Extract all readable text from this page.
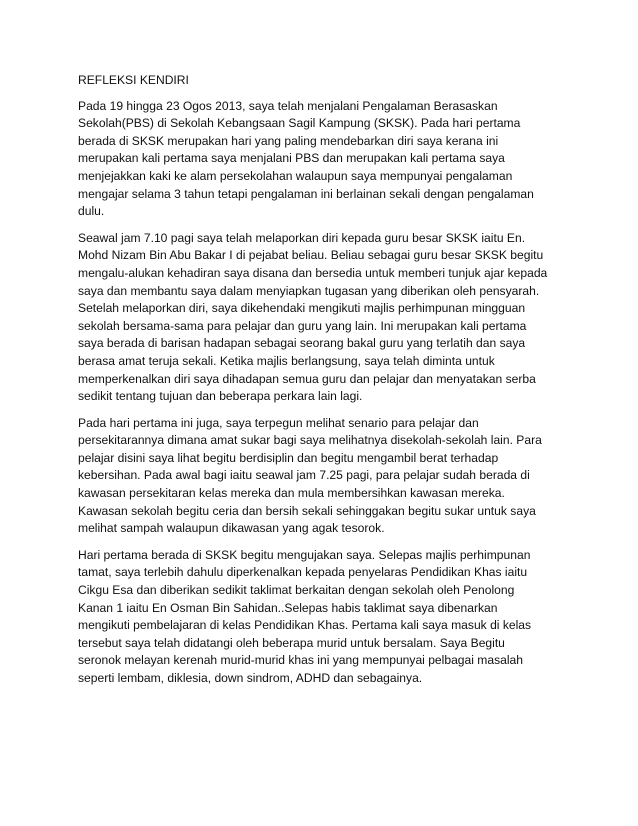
REFLEKSI KENDIRI
Pada 19 hingga 23 Ogos 2013, saya telah menjalani Pengalaman Berasaskan
Sekolah(PBS) di Sekolah Kebangsaan Sagil Kampung (SKSK). Pada hari pertama
berada di SKSK merupakan hari yang paling mendebarkan diri saya kerana ini
merupakan kali pertama saya menjalani PBS dan merupakan kali pertama saya
menjejakkan kaki ke alam persekolahan walaupun saya mempunyai pengalaman
mengajar selama 3 tahun tetapi pengalaman ini berlainan sekali dengan pengalaman
dulu.
Seawal jam 7.10 pagi saya telah melaporkan diri kepada guru besar SKSK iaitu En.
Mohd Nizam Bin Abu Bakar I di pejabat beliau. Beliau sebagai guru besar SKSK begitu
mengalu-alukan kehadiran saya disana dan bersedia untuk memberi tunjuk ajar kepada
saya dan membantu saya dalam menyiapkan tugasan yang diberikan oleh pensyarah.
Setelah melaporkan diri, saya dikehendaki mengikuti majlis perhimpunan mingguan
sekolah bersama-sama para pelajar dan guru yang lain. Ini merupakan kali pertama
saya berada di barisan hadapan sebagai seorang bakal guru yang terlatih dan saya
berasa amat teruja sekali. Ketika majlis berlangsung, saya telah diminta untuk
memperkenalkan diri saya dihadapan semua guru dan pelajar dan menyatakan serba
sedikit tentang tujuan dan beberapa perkara lain lagi.
Pada hari pertama ini juga, saya terpegun melihat senario para pelajar dan
persekitarannya dimana amat sukar bagi saya melihatnya disekolah-sekolah lain. Para
pelajar disini saya lihat begitu berdisiplin dan begitu mengambil berat terhadap
kebersihan. Pada awal bagi iaitu seawal jam 7.25 pagi, para pelajar sudah berada di
kawasan persekitaran kelas mereka dan mula membersihkan kawasan mereka.
Kawasan sekolah begitu ceria dan bersih sekali sehinggakan begitu sukar untuk saya
melihat sampah walaupun dikawasan yang agak tesorok.
Hari pertama berada di SKSK begitu mengujakan saya. Selepas majlis perhimpunan
tamat, saya terlebih dahulu diperkenalkan kepada penyelaras Pendidikan Khas iaitu
Cikgu Esa dan diberikan sedikit taklimat berkaitan dengan sekolah oleh Penolong
Kanan 1 iaitu En Osman Bin Sahidan..Selepas habis taklimat saya dibenarkan
mengikuti pembelajaran di kelas Pendidikan Khas. Pertama kali saya masuk di kelas
tersebut saya telah didatangi oleh beberapa murid untuk bersalam. Saya Begitu
seronok melayan kerenah murid-murid khas ini yang mempunyai pelbagai masalah
seperti lembam, diklesia, down sindrom, ADHD dan sebagainya.
